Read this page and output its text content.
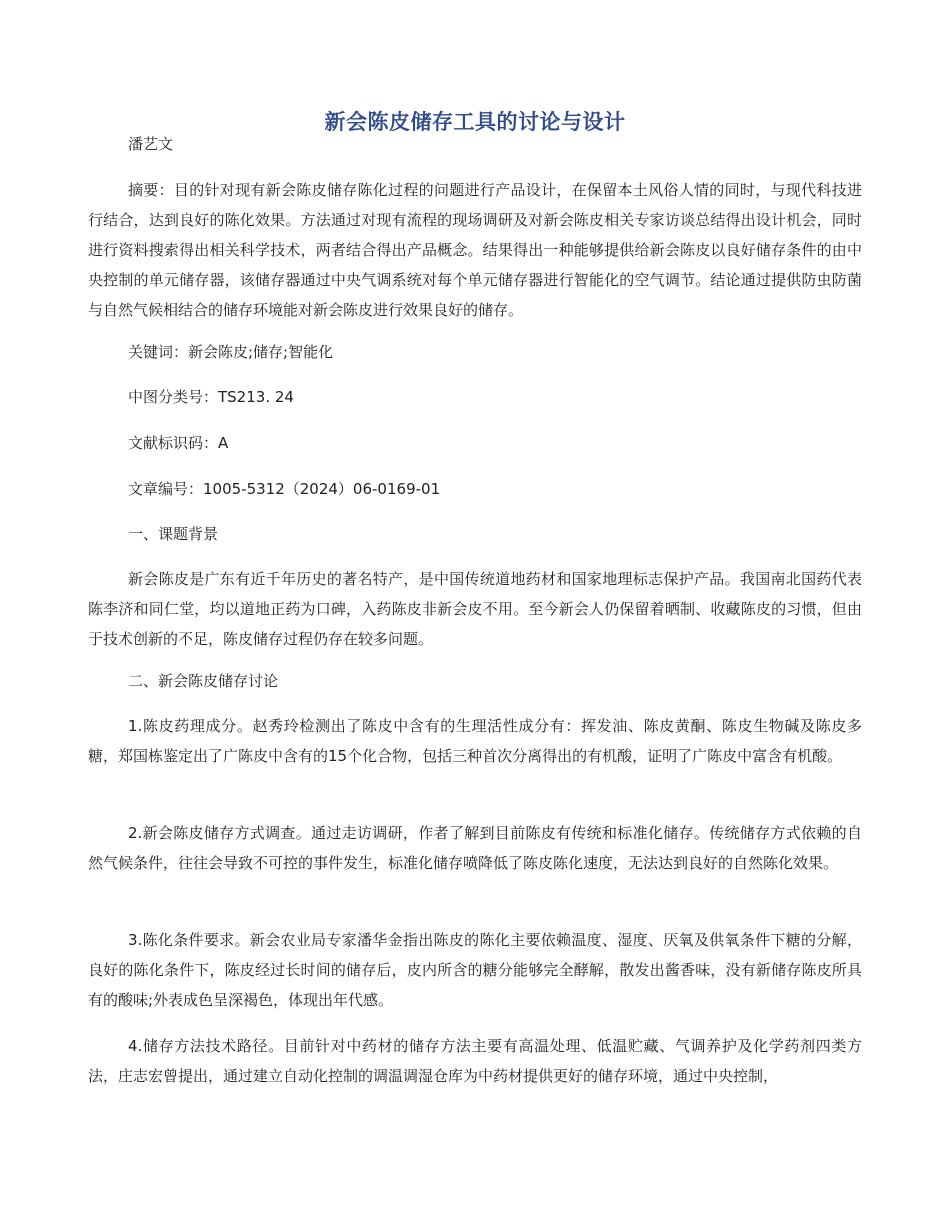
新会陈皮储存工具的讨论与设计

潘艺文

摘要：目的针对现有新会陈皮储存陈化过程的问题进行产品设计，在保留本土风俗人情的同时，与现代科技进行结合，达到良好的陈化效果。方法通过对现有流程的现场调研及对新会陈皮相关专家访谈总结得出设计机会，同时进行资料搜索得出相关科学技术，两者结合得出产品概念。结果得出一种能够提供给新会陈皮以良好储存条件的由中央控制的单元储存器，该储存器通过中央气调系统对每个单元储存器进行智能化的空气调节。结论通过提供防虫防菌与自然气候相结合的储存环境能对新会陈皮进行效果良好的储存。

关键词：新会陈皮;储存;智能化

中图分类号：TS213. 24

文献标识码：A

文章编号：1005-5312（2024）06-0169-01

一、课题背景

新会陈皮是广东有近千年历史的著名特产，是中国传统道地药材和国家地理标志保护产品。我国南北国药代表陈李济和同仁堂，均以道地正药为口碑，入药陈皮非新会皮不用。至今新会人仍保留着晒制、收藏陈皮的习惯，但由于技术创新的不足，陈皮储存过程仍存在较多问题。

二、新会陈皮储存讨论

1.陈皮药理成分。赵秀玲检测出了陈皮中含有的生理活性成分有：挥发油、陈皮黄酮、陈皮生物碱及陈皮多糖，郑国栋鉴定出了广陈皮中含有的15个化合物，包括三种首次分离得出的有机酸，证明了广陈皮中富含有机酸。

2.新会陈皮储存方式调查。通过走访调研，作者了解到目前陈皮有传统和标准化储存。传统储存方式依赖的自然气候条件，往往会导致不可控的事件发生，标准化储存喷降低了陈皮陈化速度，无法达到良好的自然陈化效果。

3.陈化条件要求。新会农业局专家潘华金指出陈皮的陈化主要依赖温度、湿度、厌氧及供氧条件下糖的分解，良好的陈化条件下，陈皮经过长时间的储存后，皮内所含的糖分能够完全酵解，散发出酱香味，没有新储存陈皮所具有的酸味;外表成色呈深褐色，体现出年代感。

4.储存方法技术路径。目前针对中药材的储存方法主要有高温处理、低温贮藏、气调养护及化学药剂四类方法，庄志宏曾提出，通过建立自动化控制的调温调湿仓库为中药材提供更好的储存环境，通过中央控制，
